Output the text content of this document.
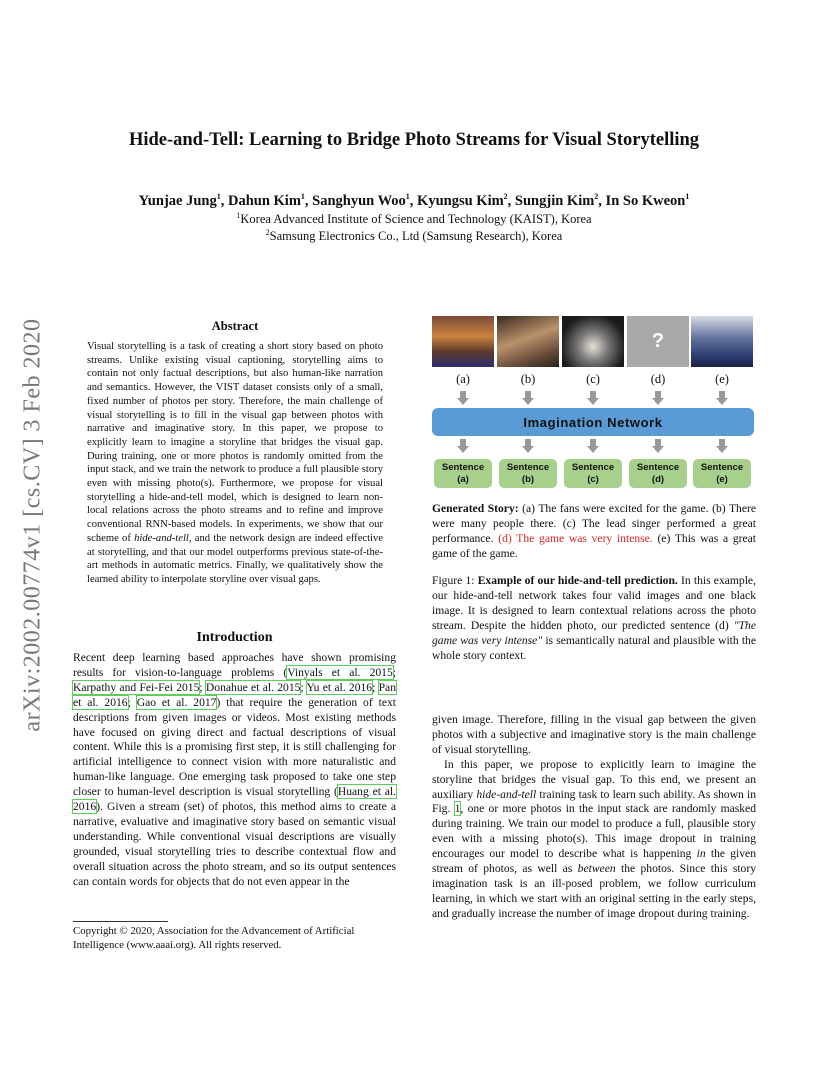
Hide-and-Tell: Learning to Bridge Photo Streams for Visual Storytelling
Yunjae Jung$^1$, Dahun Kim$^1$, Sanghyun Woo$^1$, Kyungsu Kim$^2$, Sungjin Kim$^2$, In So Kweon$^1$
$^1$Korea Advanced Institute of Science and Technology (KAIST), Korea
$^2$Samsung Electronics Co., Ltd (Samsung Research), Korea
arXiv:2002.00774v1 [cs.CV] 3 Feb 2020	Abstract
Visual storytelling is a task of creating a short story based on photo streams. Unlike existing visual captioning, storytelling aims to contain not only factual descriptions, but also human-like narration and semantics. However, the VIST dataset consists only of a small, fixed number of photos per story. Therefore, the main challenge of visual storytelling is to fill in the visual gap between photos with narrative and imaginative story. In this paper, we propose to explicitly learn to imagine a storyline that bridges the visual gap. During training, one or more photos is randomly omitted from the input stack, and we train the network to produce a full plausible story even with missing photo(s). Furthermore, we propose for visual storytelling a hide-and-tell model, which is designed to learn non-local relations across the photo streams and to refine and improve conventional RNN-based models. In experiments, we show that our scheme of hide-and-tell, and the network design are indeed effective at storytelling, and that our model outperforms previous state-of-the-art methods in automatic metrics. Finally, we qualitatively show the learned ability to interpolate storyline over visual gaps.
Introduction
Recent deep learning based approaches have shown promising results for vision-to-language problems (Vinyals et al. 2015; Karpathy and Fei-Fei 2015; Donahue et al. 2015; Yu et al. 2016; Pan et al. 2016; Gao et al. 2017) that require the generation of text descriptions from given images or videos. Most existing methods have focused on giving direct and factual descriptions of visual content. While this is a promising first step, it is still challenging for artificial intelligence to connect vision with more naturalistic and human-like language. One emerging task proposed to take one step closer to human-level description is visual storytelling (Huang et al. 2016). Given a stream (set) of photos, this method aims to create a narrative, evaluative and imaginative story based on semantic visual understanding. While conventional visual descriptions are visually grounded, visual storytelling tries to describe contextual flow and overall situation across the photo stream, and so its output sentences can contain words for objects that do not even appear in the
Copyright © 2020, Association for the Advancement of Artificial Intelligence (www.aaai.org). All rights reserved.
?
(a)	(b)	(c)	(d)	(e)
Imagination Network
Sentence
(a)
Sentence
(b)
Sentence
(c)
Sentence
(d)
Sentence
(e)
Generated Story: (a) The fans were excited for the game. (b) There were many people there. (c) The lead singer performed a great performance. (d) The game was very intense. (e) This was a great game of the game.
Figure 1: Example of our hide-and-tell prediction. In this example, our hide-and-tell network takes four valid images and one black image. It is designed to learn contextual relations across the photo stream. Despite the hidden photo, our predicted sentence (d) "The game was very intense" is semantically natural and plausible with the whole story context.

given image. Therefore, filling in the visual gap between the given photos with a subjective and imaginative story is the main challenge of visual storytelling.

In this paper, we propose to explicitly learn to imagine the storyline that bridges the visual gap. To this end, we present an auxiliary hide-and-tell training task to learn such ability. As shown in Fig. 1, one or more photos in the input stack are randomly masked during training. We train our model to produce a full, plausible story even with a missing photo(s). This image dropout in training encourages our model to describe what is happening in the given stream of photos, as well as between the photos. Since this story imagination task is an ill-posed problem, we follow curriculum learning, in which we start with an original setting in the early steps, and gradually increase the number of image dropout during training.
